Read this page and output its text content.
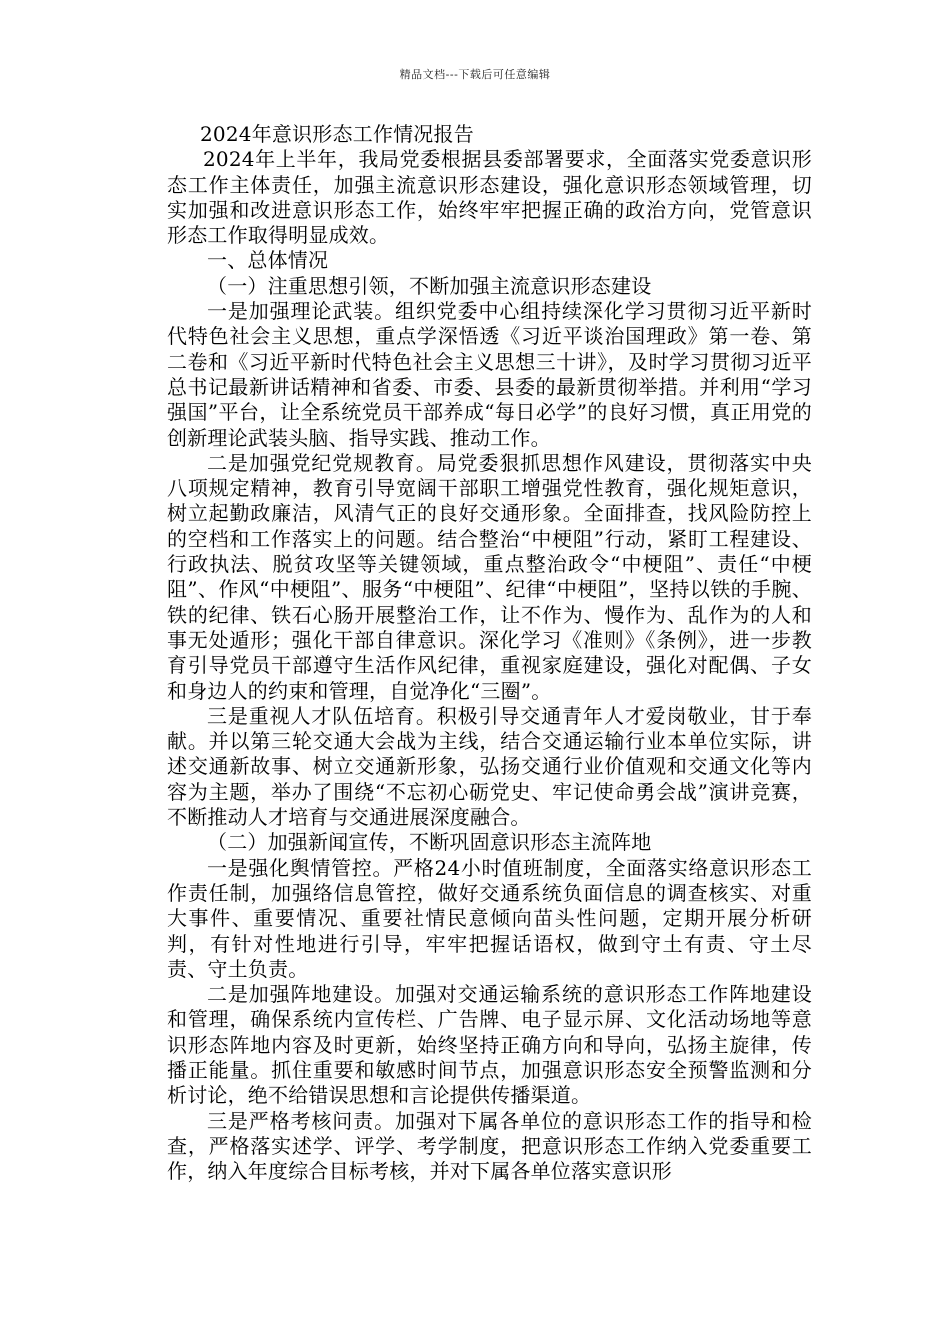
精品文档---下载后可任意编辑

2024年意识形态工作情况报告

2024年上半年，我局党委根据县委部署要求，全面落实党委意识形态工作主体责任，加强主流意识形态建设，强化意识形态领域管理，切实加强和改进意识形态工作，始终牢牢把握正确的政治方向，党管意识形态工作取得明显成效。

一、总体情况

（一）注重思想引领，不断加强主流意识形态建设

一是加强理论武装。组织党委中心组持续深化学习贯彻习近平新时代特色社会主义思想，重点学深悟透《习近平谈治国理政》第一卷、第二卷和《习近平新时代特色社会主义思想三十讲》，及时学习贯彻习近平总书记最新讲话精神和省委、市委、县委的最新贯彻举措。并利用“学习强国”平台，让全系统党员干部养成“每日必学”的良好习惯，真正用党的创新理论武装头脑、指导实践、推动工作。

二是加强党纪党规教育。局党委狠抓思想作风建设，贯彻落实中央八项规定精神，教育引导宽阔干部职工增强党性教育，强化规矩意识，树立起勤政廉洁，风清气正的良好交通形象。全面排查，找风险防控上的空档和工作落实上的问题。结合整治“中梗阻”行动，紧盯工程建设、行政执法、脱贫攻坚等关键领域，重点整治政令“中梗阻”、责任“中梗阻”、作风“中梗阻”、服务“中梗阻”、纪律“中梗阻”，坚持以铁的手腕、铁的纪律、铁石心肠开展整治工作，让不作为、慢作为、乱作为的人和事无处遁形；强化干部自律意识。深化学习《准则》《条例》，进一步教育引导党员干部遵守生活作风纪律，重视家庭建设，强化对配偶、子女和身边人的约束和管理，自觉净化“三圈”。

三是重视人才队伍培育。积极引导交通青年人才爱岗敬业，甘于奉献。并以第三轮交通大会战为主线，结合交通运输行业本单位实际，讲述交通新故事、树立交通新形象，弘扬交通行业价值观和交通文化等内容为主题，举办了围绕“不忘初心砺党史、牢记使命勇会战”演讲竞赛，不断推动人才培育与交通进展深度融合。

（二）加强新闻宣传，不断巩固意识形态主流阵地

一是强化舆情管控。严格24小时值班制度，全面落实络意识形态工作责任制，加强络信息管控，做好交通系统负面信息的调查核实、对重大事件、重要情况、重要社情民意倾向苗头性问题，定期开展分析研判，有针对性地进行引导，牢牢把握话语权，做到守土有责、守土尽责、守土负责。

二是加强阵地建设。加强对交通运输系统的意识形态工作阵地建设和管理，确保系统内宣传栏、广告牌、电子显示屏、文化活动场地等意识形态阵地内容及时更新，始终坚持正确方向和导向，弘扬主旋律，传播正能量。抓住重要和敏感时间节点，加强意识形态安全预警监测和分析讨论，绝不给错误思想和言论提供传播渠道。

三是严格考核问责。加强对下属各单位的意识形态工作的指导和检查，严格落实述学、评学、考学制度，把意识形态工作纳入党委重要工作，纳入年度综合目标考核，并对下属各单位落实意识形
